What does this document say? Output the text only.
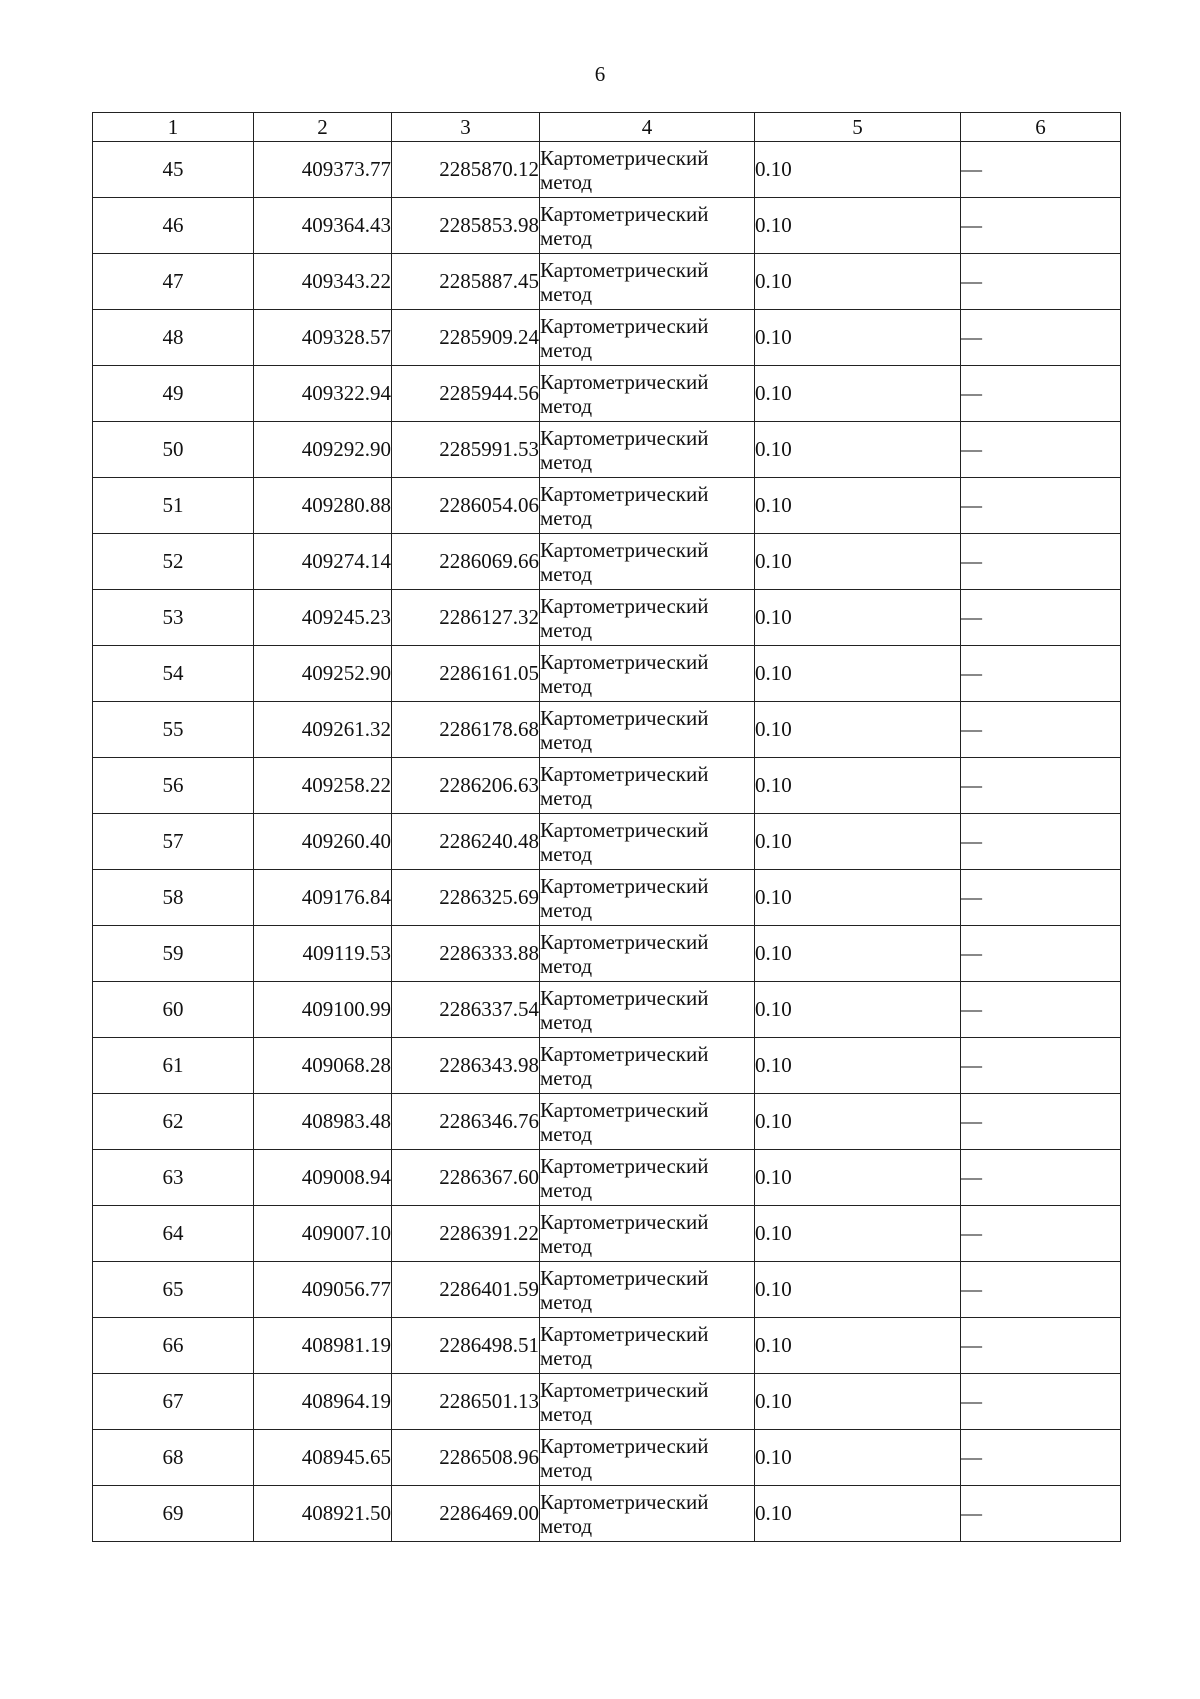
6
1	2	3	4	5	6
45	409373.77	2285870.12	Картометрический метод	0.10	—
46	409364.43	2285853.98	Картометрический метод	0.10	—
47	409343.22	2285887.45	Картометрический метод	0.10	—
48	409328.57	2285909.24	Картометрический метод	0.10	—
49	409322.94	2285944.56	Картометрический метод	0.10	—
50	409292.90	2285991.53	Картометрический метод	0.10	—
51	409280.88	2286054.06	Картометрический метод	0.10	—
52	409274.14	2286069.66	Картометрический метод	0.10	—
53	409245.23	2286127.32	Картометрический метод	0.10	—
54	409252.90	2286161.05	Картометрический метод	0.10	—
55	409261.32	2286178.68	Картометрический метод	0.10	—
56	409258.22	2286206.63	Картометрический метод	0.10	—
57	409260.40	2286240.48	Картометрический метод	0.10	—
58	409176.84	2286325.69	Картометрический метод	0.10	—
59	409119.53	2286333.88	Картометрический метод	0.10	—
60	409100.99	2286337.54	Картометрический метод	0.10	—
61	409068.28	2286343.98	Картометрический метод	0.10	—
62	408983.48	2286346.76	Картометрический метод	0.10	—
63	409008.94	2286367.60	Картометрический метод	0.10	—
64	409007.10	2286391.22	Картометрический метод	0.10	—
65	409056.77	2286401.59	Картометрический метод	0.10	—
66	408981.19	2286498.51	Картометрический метод	0.10	—
67	408964.19	2286501.13	Картометрический метод	0.10	—
68	408945.65	2286508.96	Картометрический метод	0.10	—
69	408921.50	2286469.00	Картометрический метод	0.10	—
